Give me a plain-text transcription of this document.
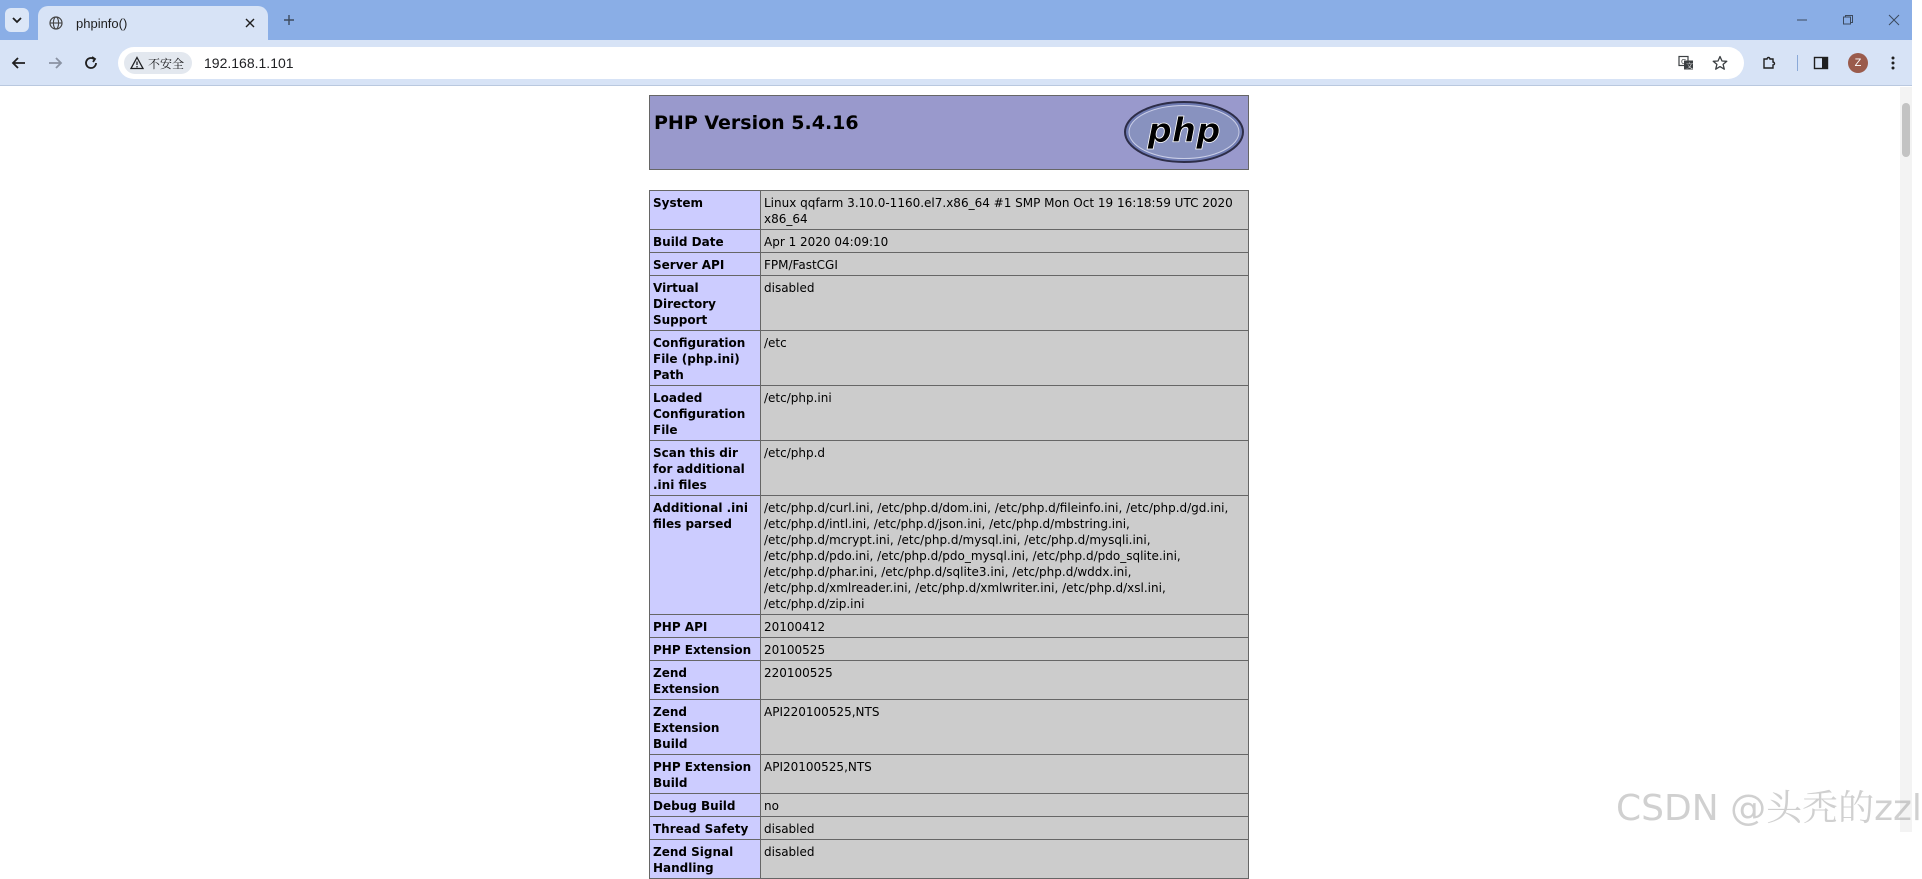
phpinfo()
不安全 192.168.1.101	G 文	Z
PHP Version 5.4.16	php
System	Linux qqfarm 3.10.0-1160.el7.x86_64 #1 SMP Mon Oct 19 16:18:59 UTC 2020 x86_64
Build Date	Apr 1 2020 04:09:10
Server API	FPM/FastCGI
Virtual Directory Support	disabled
Configuration File (php.ini) Path	/etc
Loaded Configuration File	/etc/php.ini
Scan this dir for additional .ini files	/etc/php.d
Additional .ini files parsed	/etc/php.d/curl.ini, /etc/php.d/dom.ini, /etc/php.d/fileinfo.ini, /etc/php.d/gd.ini, /etc/php.d/intl.ini, /etc/php.d/json.ini, /etc/php.d/mbstring.ini, /etc/php.d/mcrypt.ini, /etc/php.d/mysql.ini, /etc/php.d/mysqli.ini, /etc/php.d/pdo.ini, /etc/php.d/pdo_mysql.ini, /etc/php.d/pdo_sqlite.ini, /etc/php.d/phar.ini, /etc/php.d/sqlite3.ini, /etc/php.d/wddx.ini, /etc/php.d/xmlreader.ini, /etc/php.d/xmlwriter.ini, /etc/php.d/xsl.ini, /etc/php.d/zip.ini
PHP API	20100412
PHP Extension	20100525
Zend Extension	220100525
Zend Extension Build	API220100525,NTS
PHP Extension Build	API20100525,NTS
Debug Build	no
Thread Safety	disabled
Zend Signal Handling	disabled
CSDN @头秃的zzl
